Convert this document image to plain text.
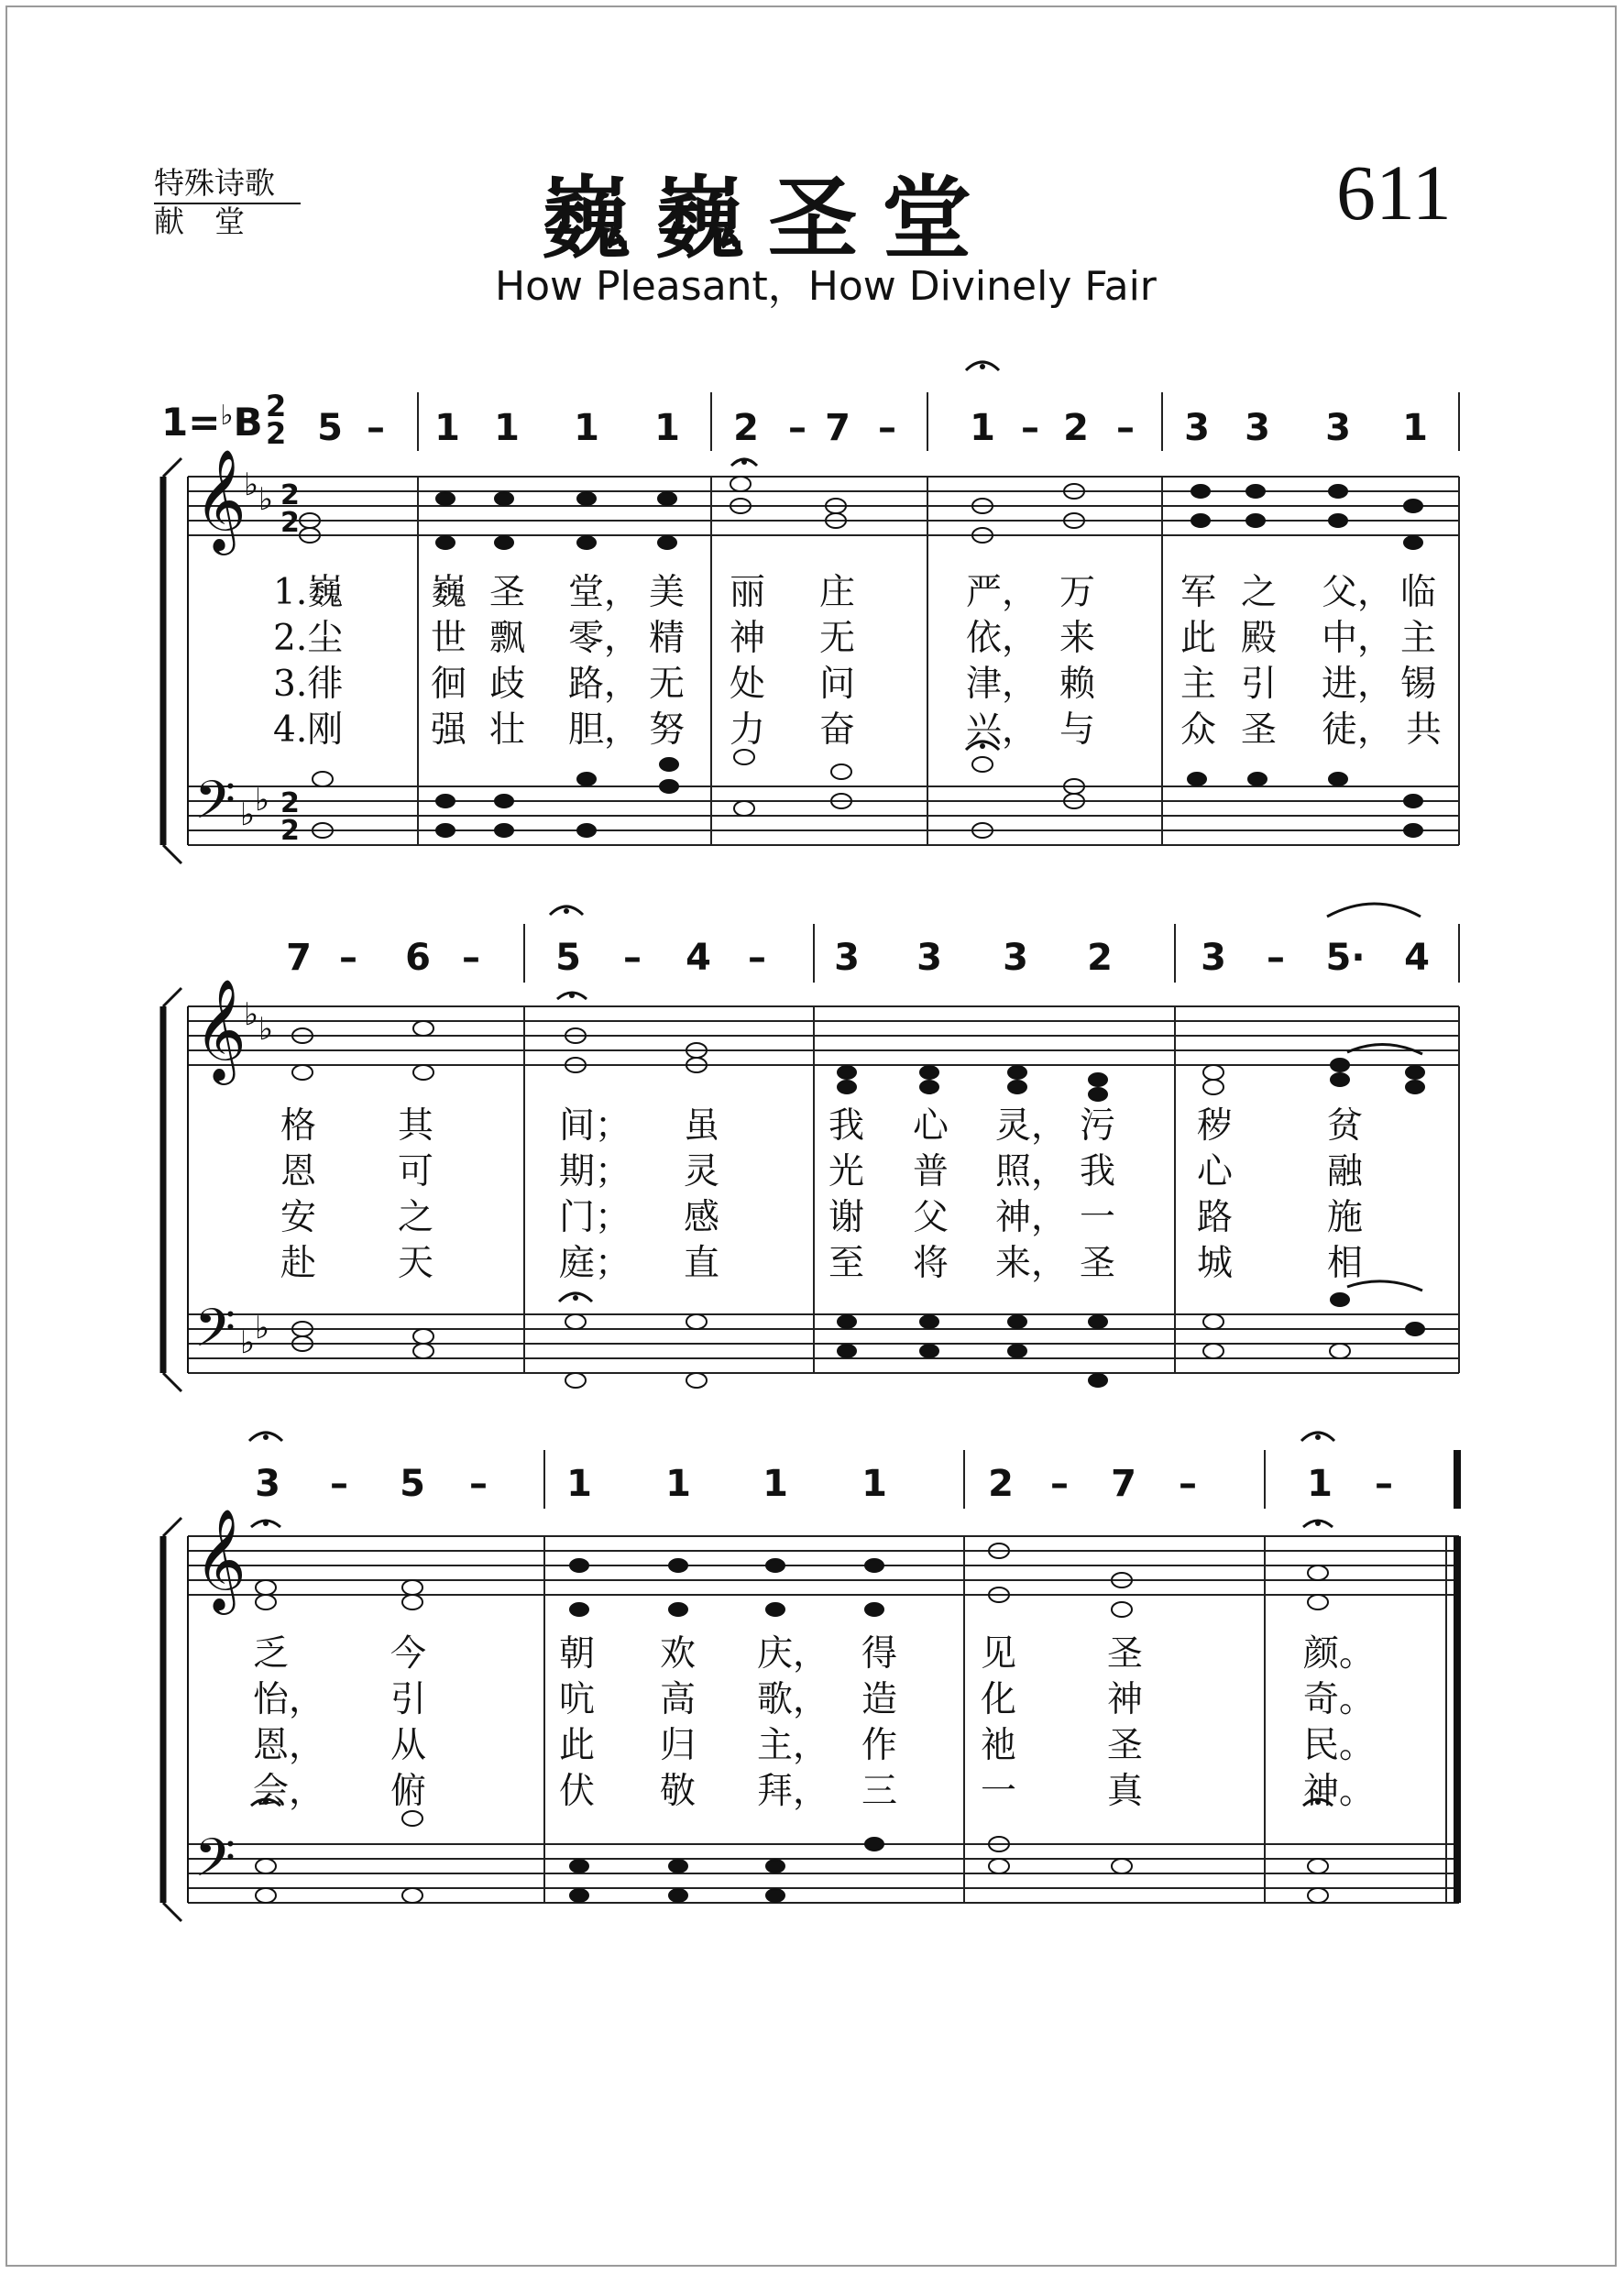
特殊诗歌
献　堂	巍巍圣堂	611
How Pleasant，How Divinely Fair
1=♭B 2
2
𝄞
𝄢
𝄞
𝄢
𝄞
𝄢
♭ ♭
♭ ♭
♭ ♭
♭ ♭
2
2
2
2
5 – 1 1 1 1 2 – 7 – 1 – 2 – 3 3 3 1
7 – 6 – 5 – 4 – 3 3 3 2 3 – 5· 4
3 – 5 – 1 1 1 1	2 – 7 –	1 –
1.巍 巍 圣 堂， 美 丽 庄	严， 万 军 之 父， 临
2.尘 世 飘 零， 精 神 无	依， 来 此 殿 中， 主
3.徘 徊 歧 路， 无 处 问	津， 赖 主 引 进， 锡
4.刚 强 壮 胆， 努 力 奋	兴， 与 众 圣 徒， 共
格 其	间； 虽	我 心 灵， 污 秽	贫
恩 可	期； 灵	光 普 照， 我 心	融
安 之	门； 感	谢 父 神， 一 路	施
赴 天	庭； 直	至 将 来， 圣 城	相
乏	今	朝 欢 庆， 得 见	圣	颜。
怡， 引	吭 高 歌， 造 化	神	奇。
恩， 从	此 归 主， 作 祂	圣	民。
会， 俯	伏 敬 拜， 三 一	真	神。
